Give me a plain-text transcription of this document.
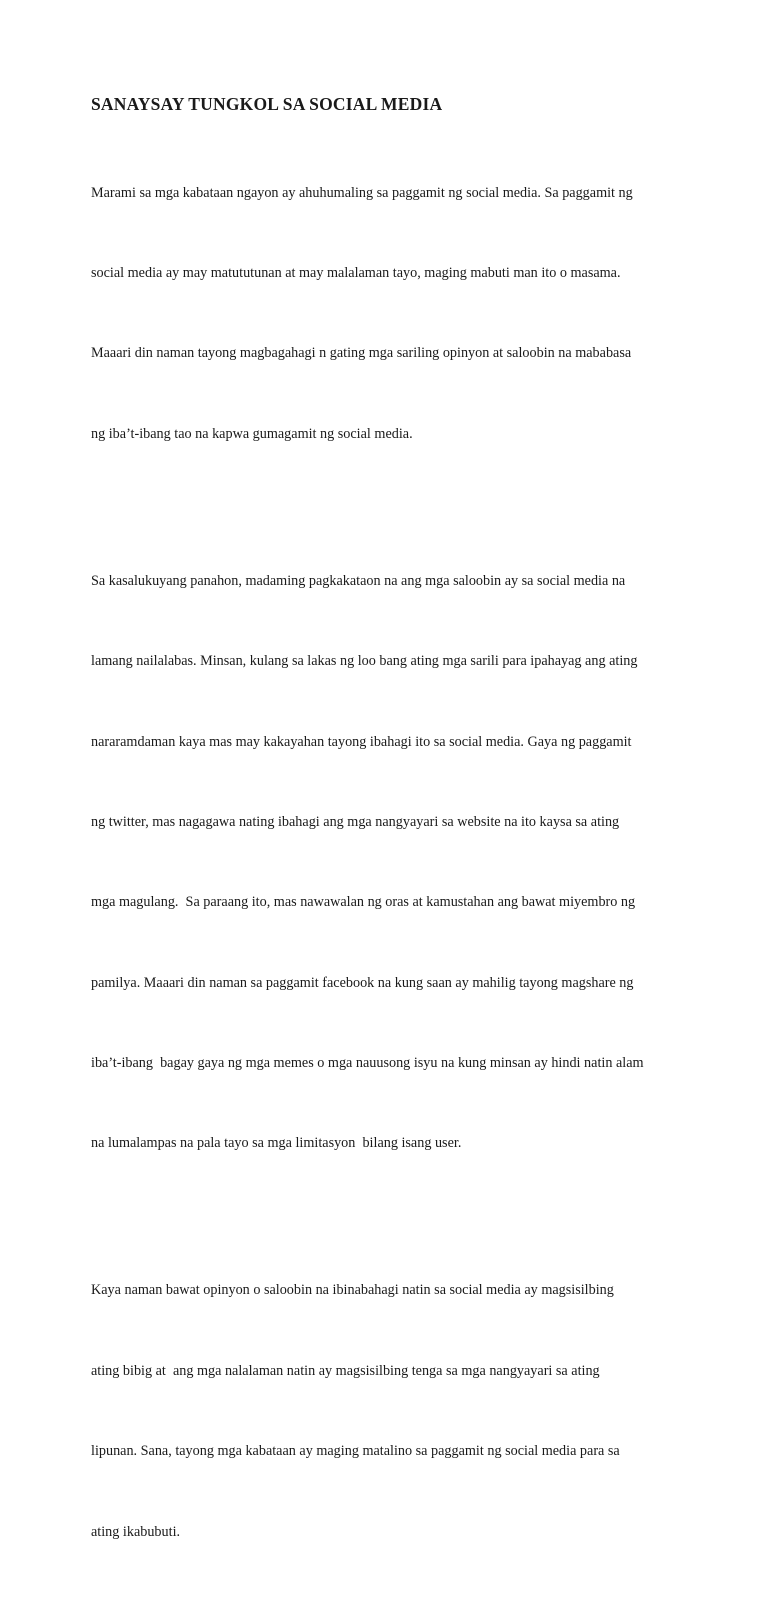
SANAYSAY TUNGKOL SA SOCIAL MEDIA

Marami sa mga kabataan ngayon ay ahuhumaling sa paggamit ng social media. Sa paggamit ng

social media ay may matututunan at may malalaman tayo, maging mabuti man ito o masama.

Maaari din naman tayong magbagahagi n gating mga sariling opinyon at saloobin na mababasa

ng iba’t-ibang tao na kapwa gumagamit ng social media.

Sa kasalukuyang panahon, madaming pagkakataon na ang mga saloobin ay sa social media na

lamang nailalabas. Minsan, kulang sa lakas ng loo bang ating mga sarili para ipahayag ang ating

nararamdaman kaya mas may kakayahan tayong ibahagi ito sa social media. Gaya ng paggamit

ng twitter, mas nagagawa nating ibahagi ang mga nangyayari sa website na ito kaysa sa ating

mga magulang.  Sa paraang ito, mas nawawalan ng oras at kamustahan ang bawat miyembro ng

pamilya. Maaari din naman sa paggamit facebook na kung saan ay mahilig tayong magshare ng

iba’t-ibang  bagay gaya ng mga memes o mga nauusong isyu na kung minsan ay hindi natin alam

na lumalampas na pala tayo sa mga limitasyon  bilang isang user.

Kaya naman bawat opinyon o saloobin na ibinabahagi natin sa social media ay magsisilbing

ating bibig at  ang mga nalalaman natin ay magsisilbing tenga sa mga nangyayari sa ating

lipunan. Sana, tayong mga kabataan ay maging matalino sa paggamit ng social media para sa

ating ikabubuti.
